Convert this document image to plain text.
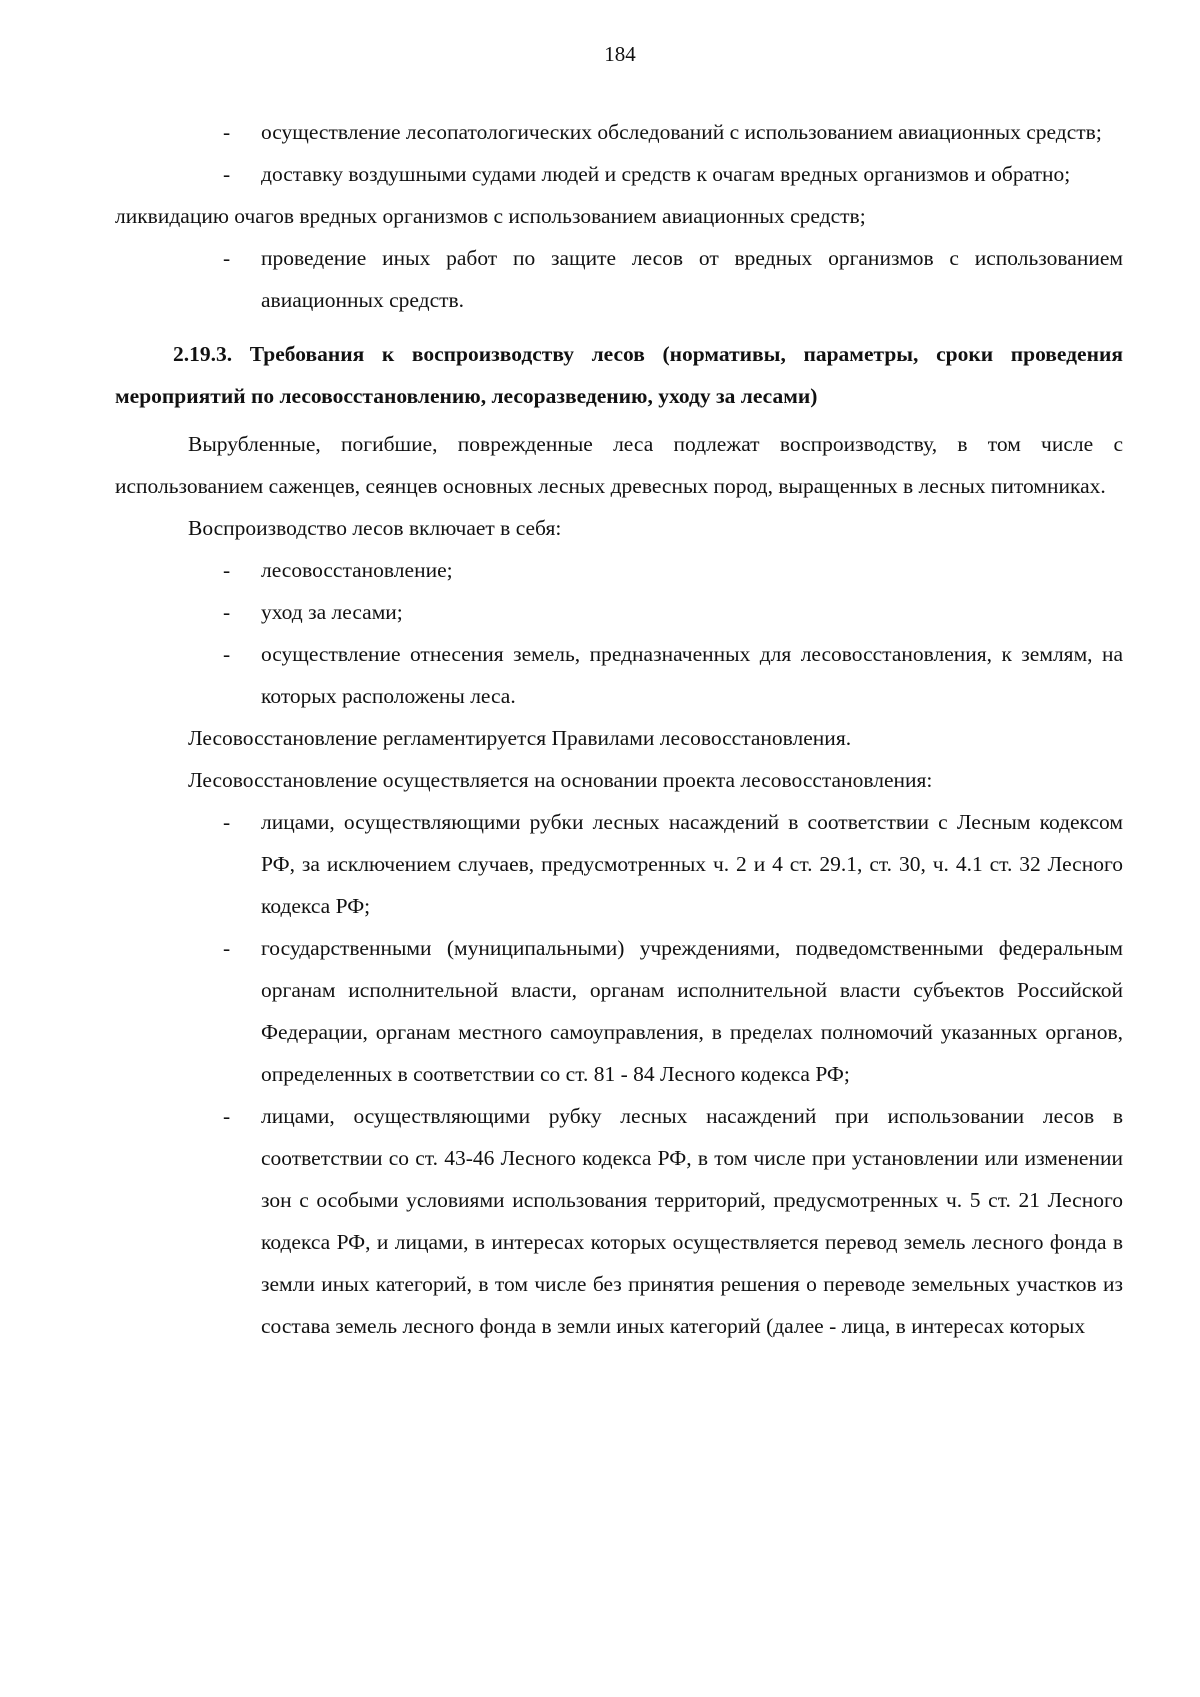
184
- осуществление лесопатологических обследований с использованием авиационных средств;
- доставку воздушными судами людей и средств к очагам вредных организмов и обратно;

ликвидацию очагов вредных организмов с использованием авиационных средств;

- проведение иных работ по защите лесов от вредных организмов с использованием авиационных средств.

2.19.3. Требования к воспроизводству лесов (нормативы, параметры, сроки проведения мероприятий по лесовосстановлению, лесоразведению, уходу за лесами)

Вырубленные, погибшие, поврежденные леса подлежат воспроизводству, в том числе с использованием саженцев, сеянцев основных лесных древесных пород, выращенных в лесных питомниках.

Воспроизводство лесов включает в себя:

- лесовосстановление;
- уход за лесами;
- осуществление отнесения земель, предназначенных для лесовосстановления, к землям, на которых расположены леса.

Лесовосстановление регламентируется Правилами лесовосстановления.

Лесовосстановление осуществляется на основании проекта лесовосстановления:

- лицами, осуществляющими рубки лесных насаждений в соответствии с Лесным кодексом РФ, за исключением случаев, предусмотренных ч. 2 и 4 ст. 29.1, ст. 30, ч. 4.1 ст. 32 Лесного кодекса РФ;
- государственными (муниципальными) учреждениями, подведомственными федеральным органам исполнительной власти, органам исполнительной власти субъектов Российской Федерации, органам местного самоуправления, в пределах полномочий указанных органов, определенных в соответствии со ст. 81 - 84 Лесного кодекса РФ;
- лицами, осуществляющими рубку лесных насаждений при использовании лесов в соответствии со ст. 43-46 Лесного кодекса РФ, в том числе при установлении или изменении зон с особыми условиями использования территорий, предусмотренных ч. 5 ст. 21 Лесного кодекса РФ, и лицами, в интересах которых осуществляется перевод земель лесного фонда в земли иных категорий, в том числе без принятия решения о переводе земельных участков из состава земель лесного фонда в земли иных категорий (далее - лица, в интересах которых
